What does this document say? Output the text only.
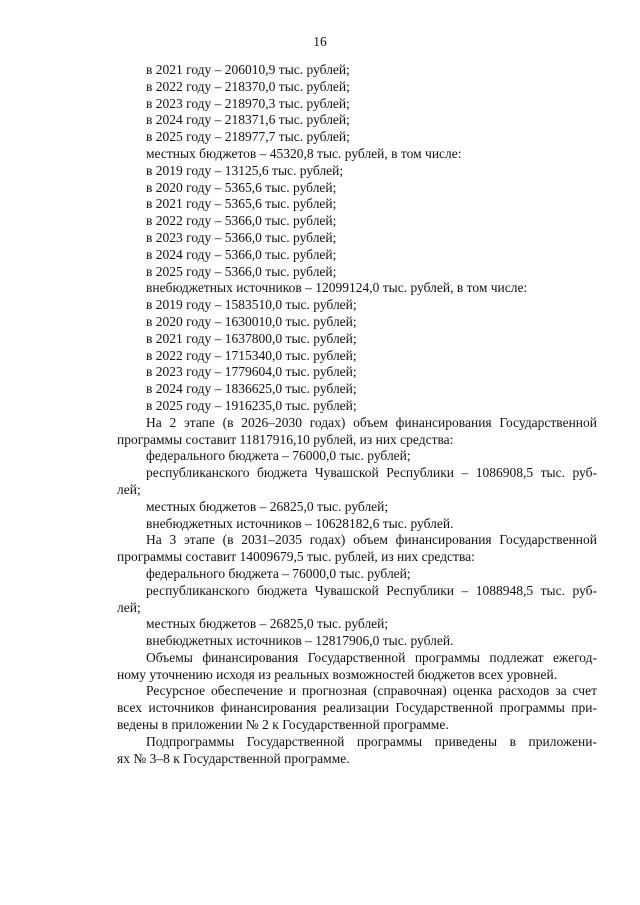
16
в 2021 году – 206010,9 тыс. рублей;
в 2022 году – 218370,0 тыс. рублей;
в 2023 году – 218970,3 тыс. рублей;
в 2024 году – 218371,6 тыс. рублей;
в 2025 году – 218977,7 тыс. рублей;
местных бюджетов – 45320,8 тыс. рублей, в том числе:
в 2019 году – 13125,6 тыс. рублей;
в 2020 году – 5365,6 тыс. рублей;
в 2021 году – 5365,6 тыс. рублей;
в 2022 году – 5366,0 тыс. рублей;
в 2023 году – 5366,0 тыс. рублей;
в 2024 году – 5366,0 тыс. рублей;
в 2025 году – 5366,0 тыс. рублей;
внебюджетных источников – 12099124,0 тыс. рублей, в том числе:
в 2019 году – 1583510,0 тыс. рублей;
в 2020 году – 1630010,0 тыс. рублей;
в 2021 году – 1637800,0 тыс. рублей;
в 2022 году – 1715340,0 тыс. рублей;
в 2023 году – 1779604,0 тыс. рублей;
в 2024 году – 1836625,0 тыс. рублей;
в 2025 году – 1916235,0 тыс. рублей;
На 2 этапе (в 2026–2030 годах) объем финансирования Государственной
программы составит 11817916,10 рублей, из них средства:
федерального бюджета – 76000,0 тыс. рублей;
республиканского бюджета Чувашской Республики – 1086908,5 тыс. руб-
лей;
местных бюджетов – 26825,0 тыс. рублей;
внебюджетных источников – 10628182,6 тыс. рублей.
На 3 этапе (в 2031–2035 годах) объем финансирования Государственной
программы составит 14009679,5 тыс. рублей, из них средства:
федерального бюджета – 76000,0 тыс. рублей;
республиканского бюджета Чувашской Республики – 1088948,5 тыс. руб-
лей;
местных бюджетов – 26825,0 тыс. рублей;
внебюджетных источников – 12817906,0 тыс. рублей.
Объемы финансирования Государственной программы подлежат ежегод-
ному уточнению исходя из реальных возможностей бюджетов всех уровней.
Ресурсное обеспечение и прогнозная (справочная) оценка расходов за счет
всех источников финансирования реализации Государственной программы при-
ведены в приложении № 2 к Государственной программе.
Подпрограммы Государственной программы приведены в приложени-
ях № 3–8 к Государственной программе.
